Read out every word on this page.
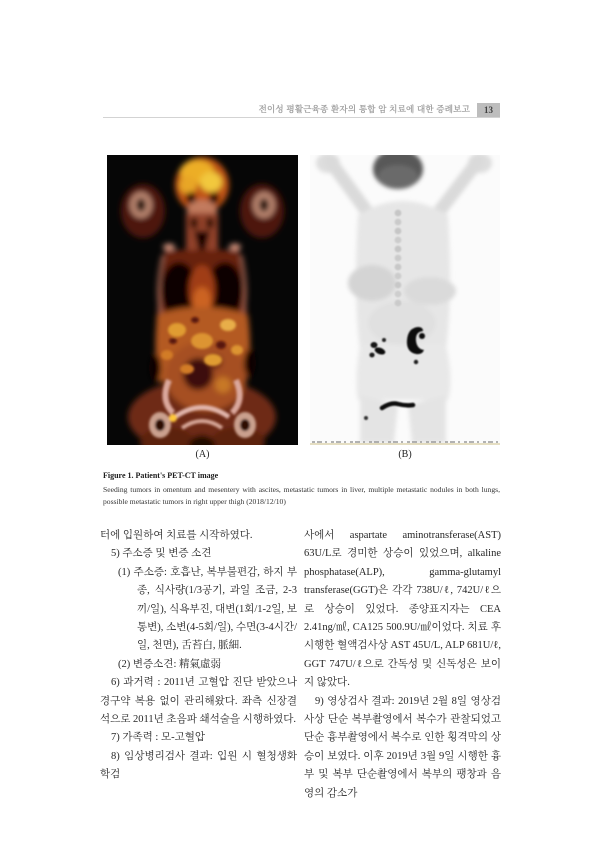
전이성 평활근육종 환자의 통합 암 치료에 대한 증례보고	13
(A)	(B)
Figure 1. Patient's PET-CT image
Seeding tumors in omentum and mesentery with ascites, metastatic tumors in liver, multiple metastatic nodules in both lungs, possible metastatic tumors in right upper thigh (2018/12/10)

터에 입원하여 치료를 시작하였다.

5) 주소증 및 변증 소견

(1) 주소증: 호흡난, 복부불편감, 하지 부종, 식사량(1/3공기, 과일 조금, 2-3끼/일), 식욕부진, 대변(1회/1-2일, 보통변), 소변(4-5회/일), 수면(3-4시간/일, 천면), 舌苔白, 脈細.

(2) 변증소견: 精氣虛弱

6) 과거력 : 2011년 고혈압 진단 받았으나 경구약 복용 없이 관리해왔다. 좌측 신장결석으로 2011년 초음파 쇄석술을 시행하였다.

7) 가족력 : 모-고혈압

8) 임상병리검사 결과: 입원 시 혈청생화학검

사에서 aspartate aminotransferase(AST) 63U/L로 경미한 상승이 있었으며, alkaline phosphatase(ALP), gamma-glutamyl transferase(GGT)은 각각 738U/ℓ, 742U/ℓ으로 상승이 있었다. 종양표지자는 CEA 2.41ng/㎖, CA125 500.9U/㎖이었다. 치료 후 시행한 혈액검사상 AST 45U/L, ALP 681U/ℓ, GGT 747U/ℓ으로 간독성 및 신독성은 보이지 않았다.

9) 영상검사 결과: 2019년 2월 8일 영상검사상 단순 복부촬영에서 복수가 관찰되었고 단순 흉부촬영에서 복수로 인한 횡격막의 상승이 보였다. 이후 2019년 3월 9일 시행한 흉부 및 복부 단순촬영에서 복부의 팽창과 음영의 감소가
